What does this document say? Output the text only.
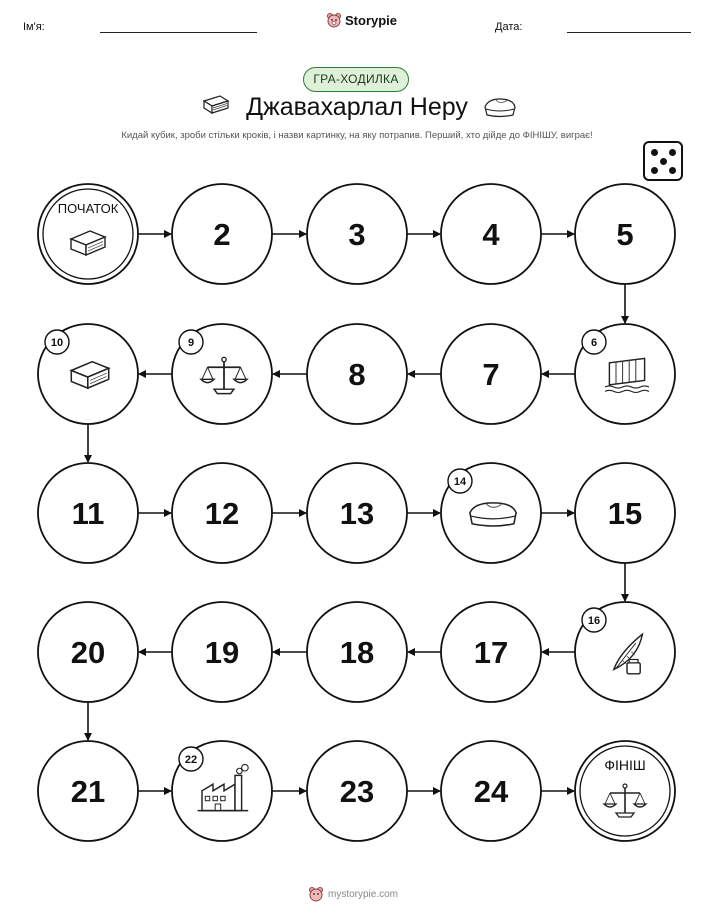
Ім'я:	Storypie	Дата:
ГРА-ХОДИЛКА
Джавахарлал Неру
Кидай кубик, зроби стільки кроків, і назви картинку, на яку потрапив. Перший, хто дійде до ФІНІШУ, виграє!
ПОЧАТОК
2	3	4	5
6
7
8
9
10
11	12	13
14
15
16
17
18
19
20
21
22
23	24
ФІНІШ
mystorypie.com
